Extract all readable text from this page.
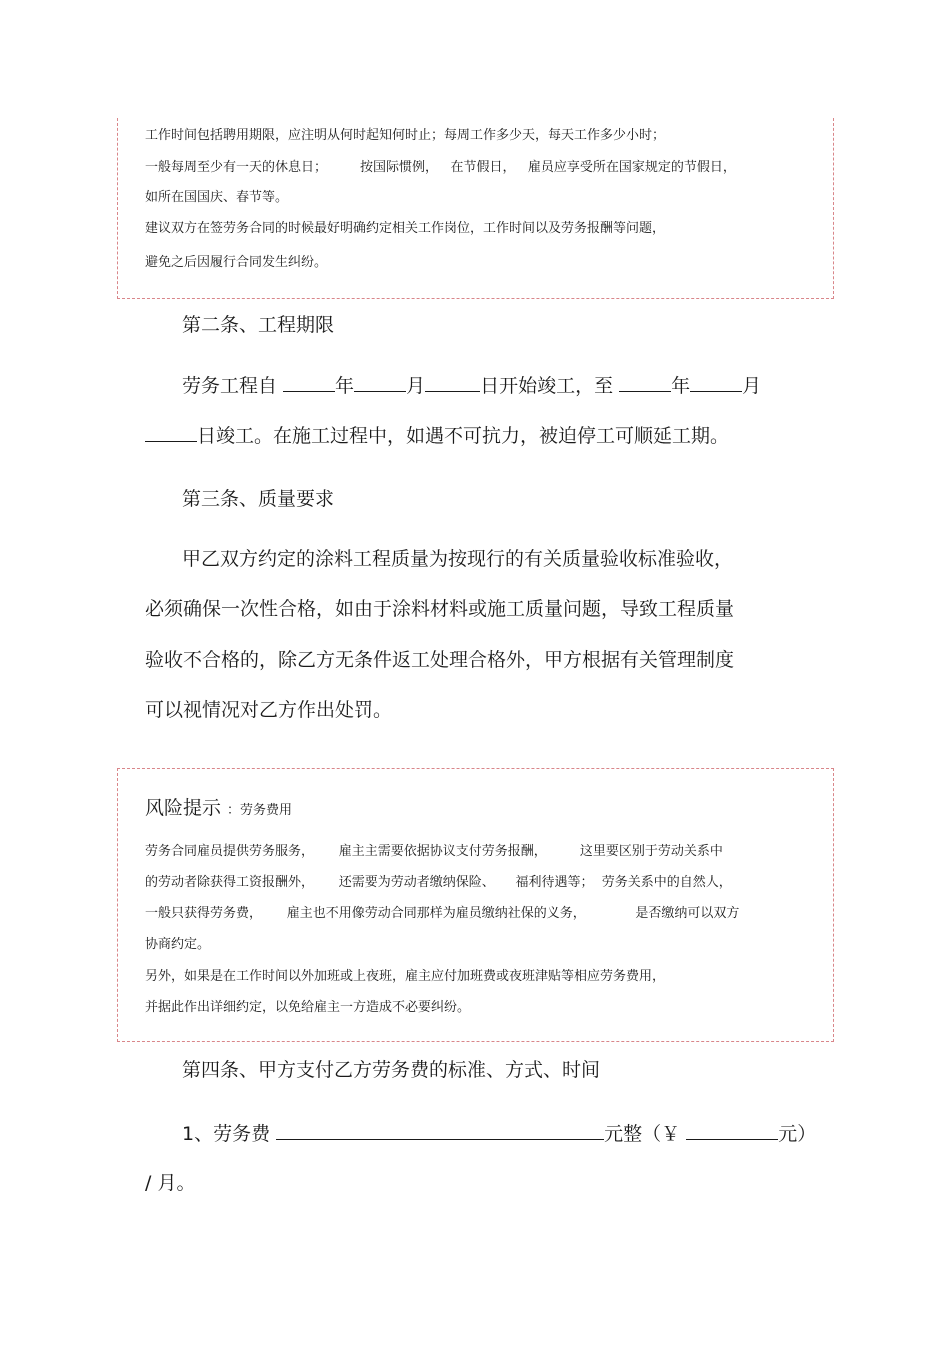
工作时间包括聘用期限，应注明从何时起知何时止；每周工作多少天，每天工作多少小时；
一般每周至少有一天的休息日；        按国际惯例，   在节假日，   雇员应享受所在国家规定的节假日，
如所在国国庆、春节等。
建议双方在签劳务合同的时候最好明确约定相关工作岗位，工作时间以及劳务报酬等问题，
避免之后因履行合同发生纠纷。
第二条、工程期限
劳务工程自	年	月	日开始竣工，至	年	月
日竣工。在施工过程中，如遇不可抗力，被迫停工可顺延工期。
第三条、质量要求
甲乙双方约定的涂料工程质量为按现行的有关质量验收标准验收，
必须确保一次性合格，如由于涂料材料或施工质量问题，导致工程质量
验收不合格的，除乙方无条件返工处理合格外，甲方根据有关管理制度
可以视情况对乙方作出处罚。
风险提示 ：劳务费用
劳务合同雇员提供劳务服务，      雇主主需要依据协议支付劳务报酬，        这里要区别于劳动关系中
的劳动者除获得工资报酬外，      还需要为劳动者缴纳保险、     福利待遇等；  劳务关系中的自然人，
一般只获得劳务费，      雇主也不用像劳动合同那样为雇员缴纳社保的义务，            是否缴纳可以双方
协商约定。
另外，如果是在工作时间以外加班或上夜班，雇主应付加班费或夜班津贴等相应劳务费用，
并据此作出详细约定，以免给雇主一方造成不必要纠纷。
第四条、甲方支付乙方劳务费的标准、方式、时间
1、劳务费	元整（￥	元）
/ 月。
